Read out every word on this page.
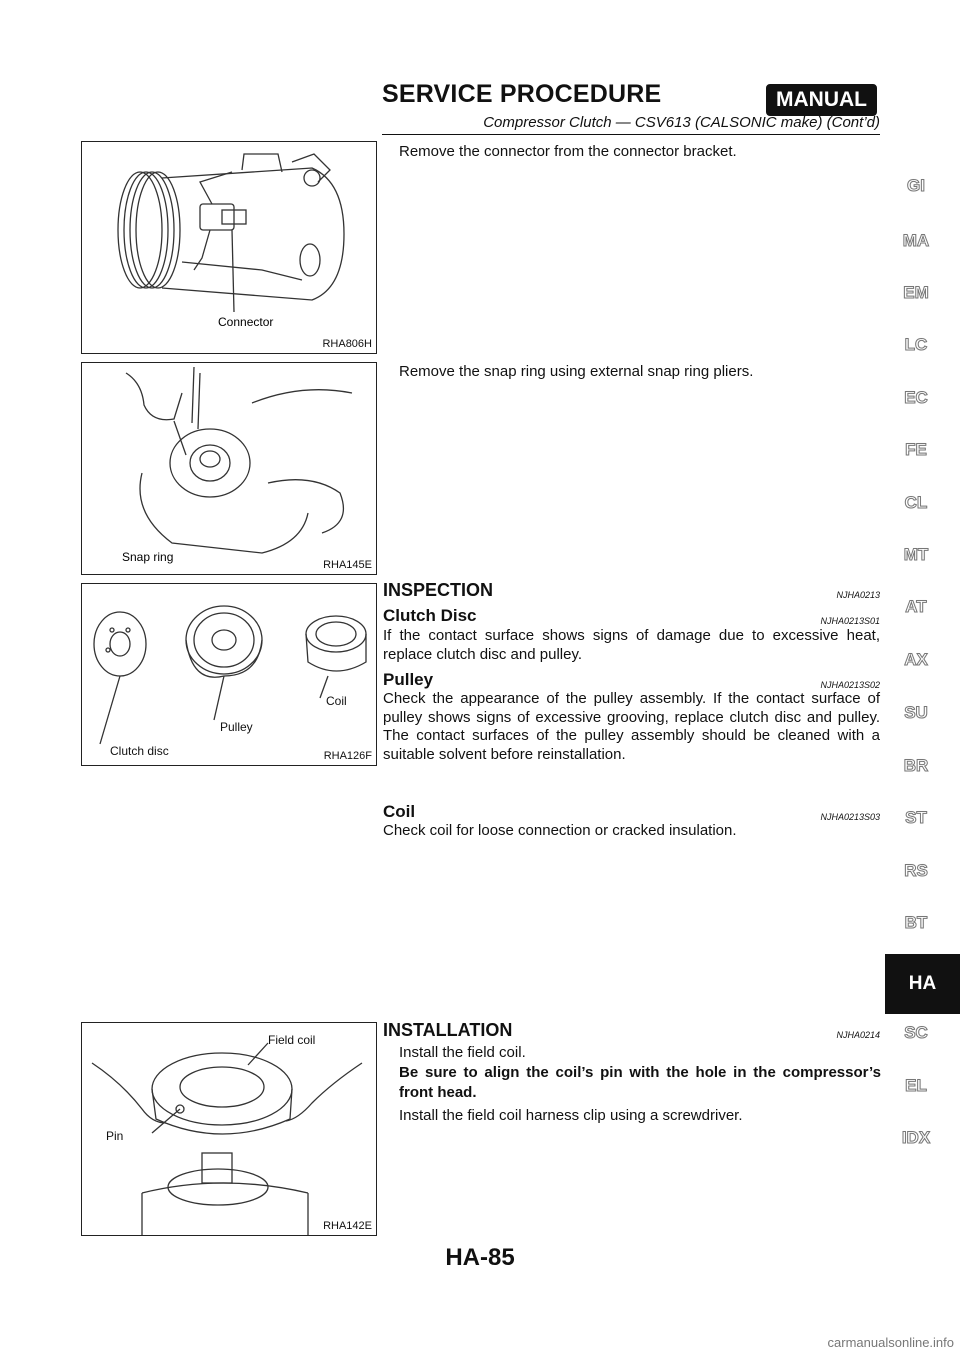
SERVICE PROCEDURE	MANUAL
Compressor Clutch — CSV613 (CALSONIC make) (Cont’d)
Connector
RHA806H
Snap ring
RHA145E
Coil
Pulley
Clutch disc	RHA126F
Field coil
Pin
RHA142E
Remove the connector from the connector bracket.
Remove the snap ring using external snap ring pliers.
INSPECTION	NJHA0213
Clutch Disc	NJHA0213S01
If the contact surface shows signs of damage due to excessive heat, replace clutch disc and pulley.
Pulley	NJHA0213S02
Check the appearance of the pulley assembly. If the contact surface of pulley shows signs of excessive grooving, replace clutch disc and pulley. The contact surfaces of the pulley assembly should be cleaned with a suitable solvent before reinstallation.
Coil	NJHA0213S03
Check coil for loose connection or cracked insulation.
INSTALLATION	NJHA0214
Install the field coil.
Be sure to align the coil’s pin with the hole in the compressor’s front head.
Install the field coil harness clip using a screwdriver.
GI
MA
EM
LC
EC
FE
CL
MT
AT
AX
SU
BR
ST
RS
BT
HA
SC
EL
IDX
HA-85
carmanualsonline.info
